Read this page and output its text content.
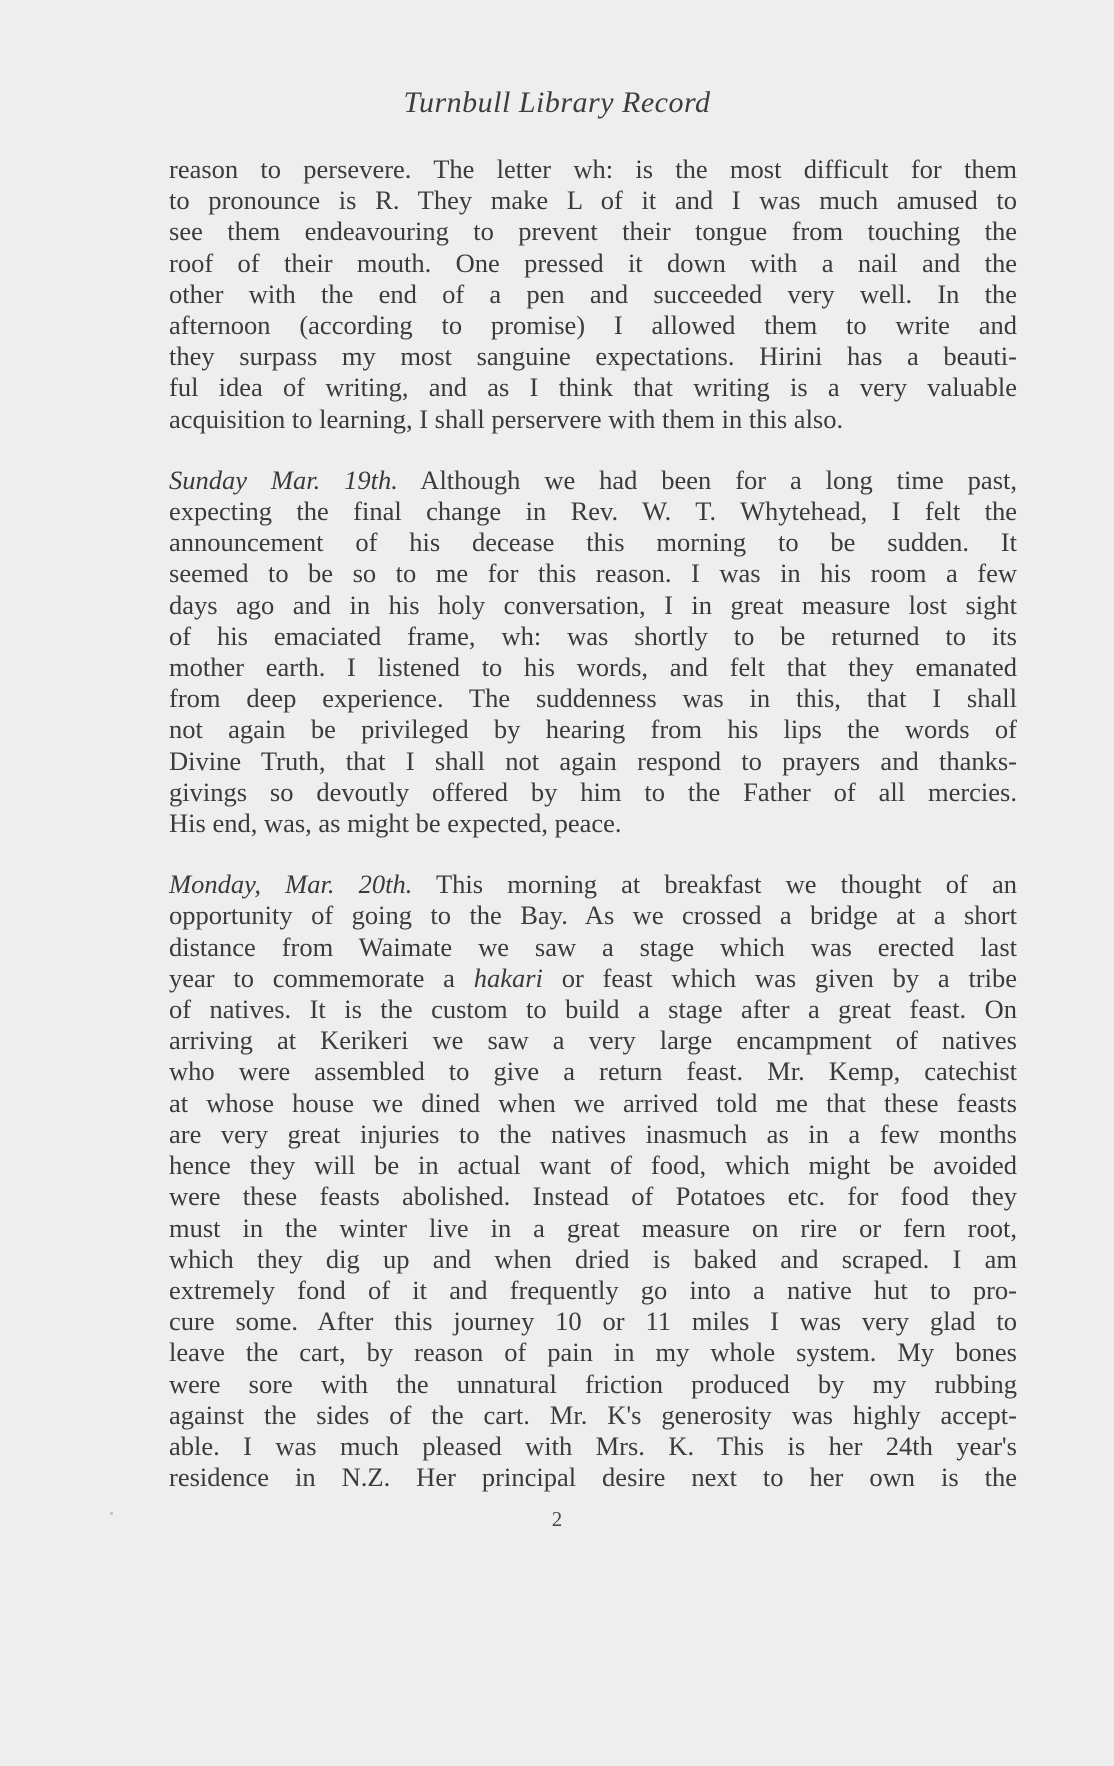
Turnbull Library Record

reason to persevere. The letter wh: is the most difficult for them
to pronounce is R. They make L of it and I was much amused to
see them endeavouring to prevent their tongue from touching the
roof of their mouth. One pressed it down with a nail and the
other with the end of a pen and succeeded very well. In the
afternoon (according to promise) I allowed them to write and
they surpass my most sanguine expectations. Hirini has a beauti-
ful idea of writing, and as I think that writing is a very valuable
acquisition to learning, I shall perservere with them in this also.

Sunday Mar. 19th. Although we had been for a long time past,
expecting the final change in Rev. W. T. Whytehead, I felt the
announcement of his decease this morning to be sudden. It
seemed to be so to me for this reason. I was in his room a few
days ago and in his holy conversation, I in great measure lost sight
of his emaciated frame, wh: was shortly to be returned to its
mother earth. I listened to his words, and felt that they emanated
from deep experience. The suddenness was in this, that I shall
not again be privileged by hearing from his lips the words of
Divine Truth, that I shall not again respond to prayers and thanks-
givings so devoutly offered by him to the Father of all mercies.
His end, was, as might be expected, peace.

Monday, Mar. 20th. This morning at breakfast we thought of an
opportunity of going to the Bay. As we crossed a bridge at a short
distance from Waimate we saw a stage which was erected last
year to commemorate a hakari or feast which was given by a tribe
of natives. It is the custom to build a stage after a great feast. On
arriving at Kerikeri we saw a very large encampment of natives
who were assembled to give a return feast. Mr. Kemp, catechist
at whose house we dined when we arrived told me that these feasts
are very great injuries to the natives inasmuch as in a few months
hence they will be in actual want of food, which might be avoided
were these feasts abolished. Instead of Potatoes etc. for food they
must in the winter live in a great measure on rire or fern root,
which they dig up and when dried is baked and scraped. I am
extremely fond of it and frequently go into a native hut to pro-
cure some. After this journey 10 or 11 miles I was very glad to
leave the cart, by reason of pain in my whole system. My bones
were sore with the unnatural friction produced by my rubbing
against the sides of the cart. Mr. K's generosity was highly accept-
able. I was much pleased with Mrs. K. This is her 24th year's
residence in N.Z. Her principal desire next to her own is the

2
